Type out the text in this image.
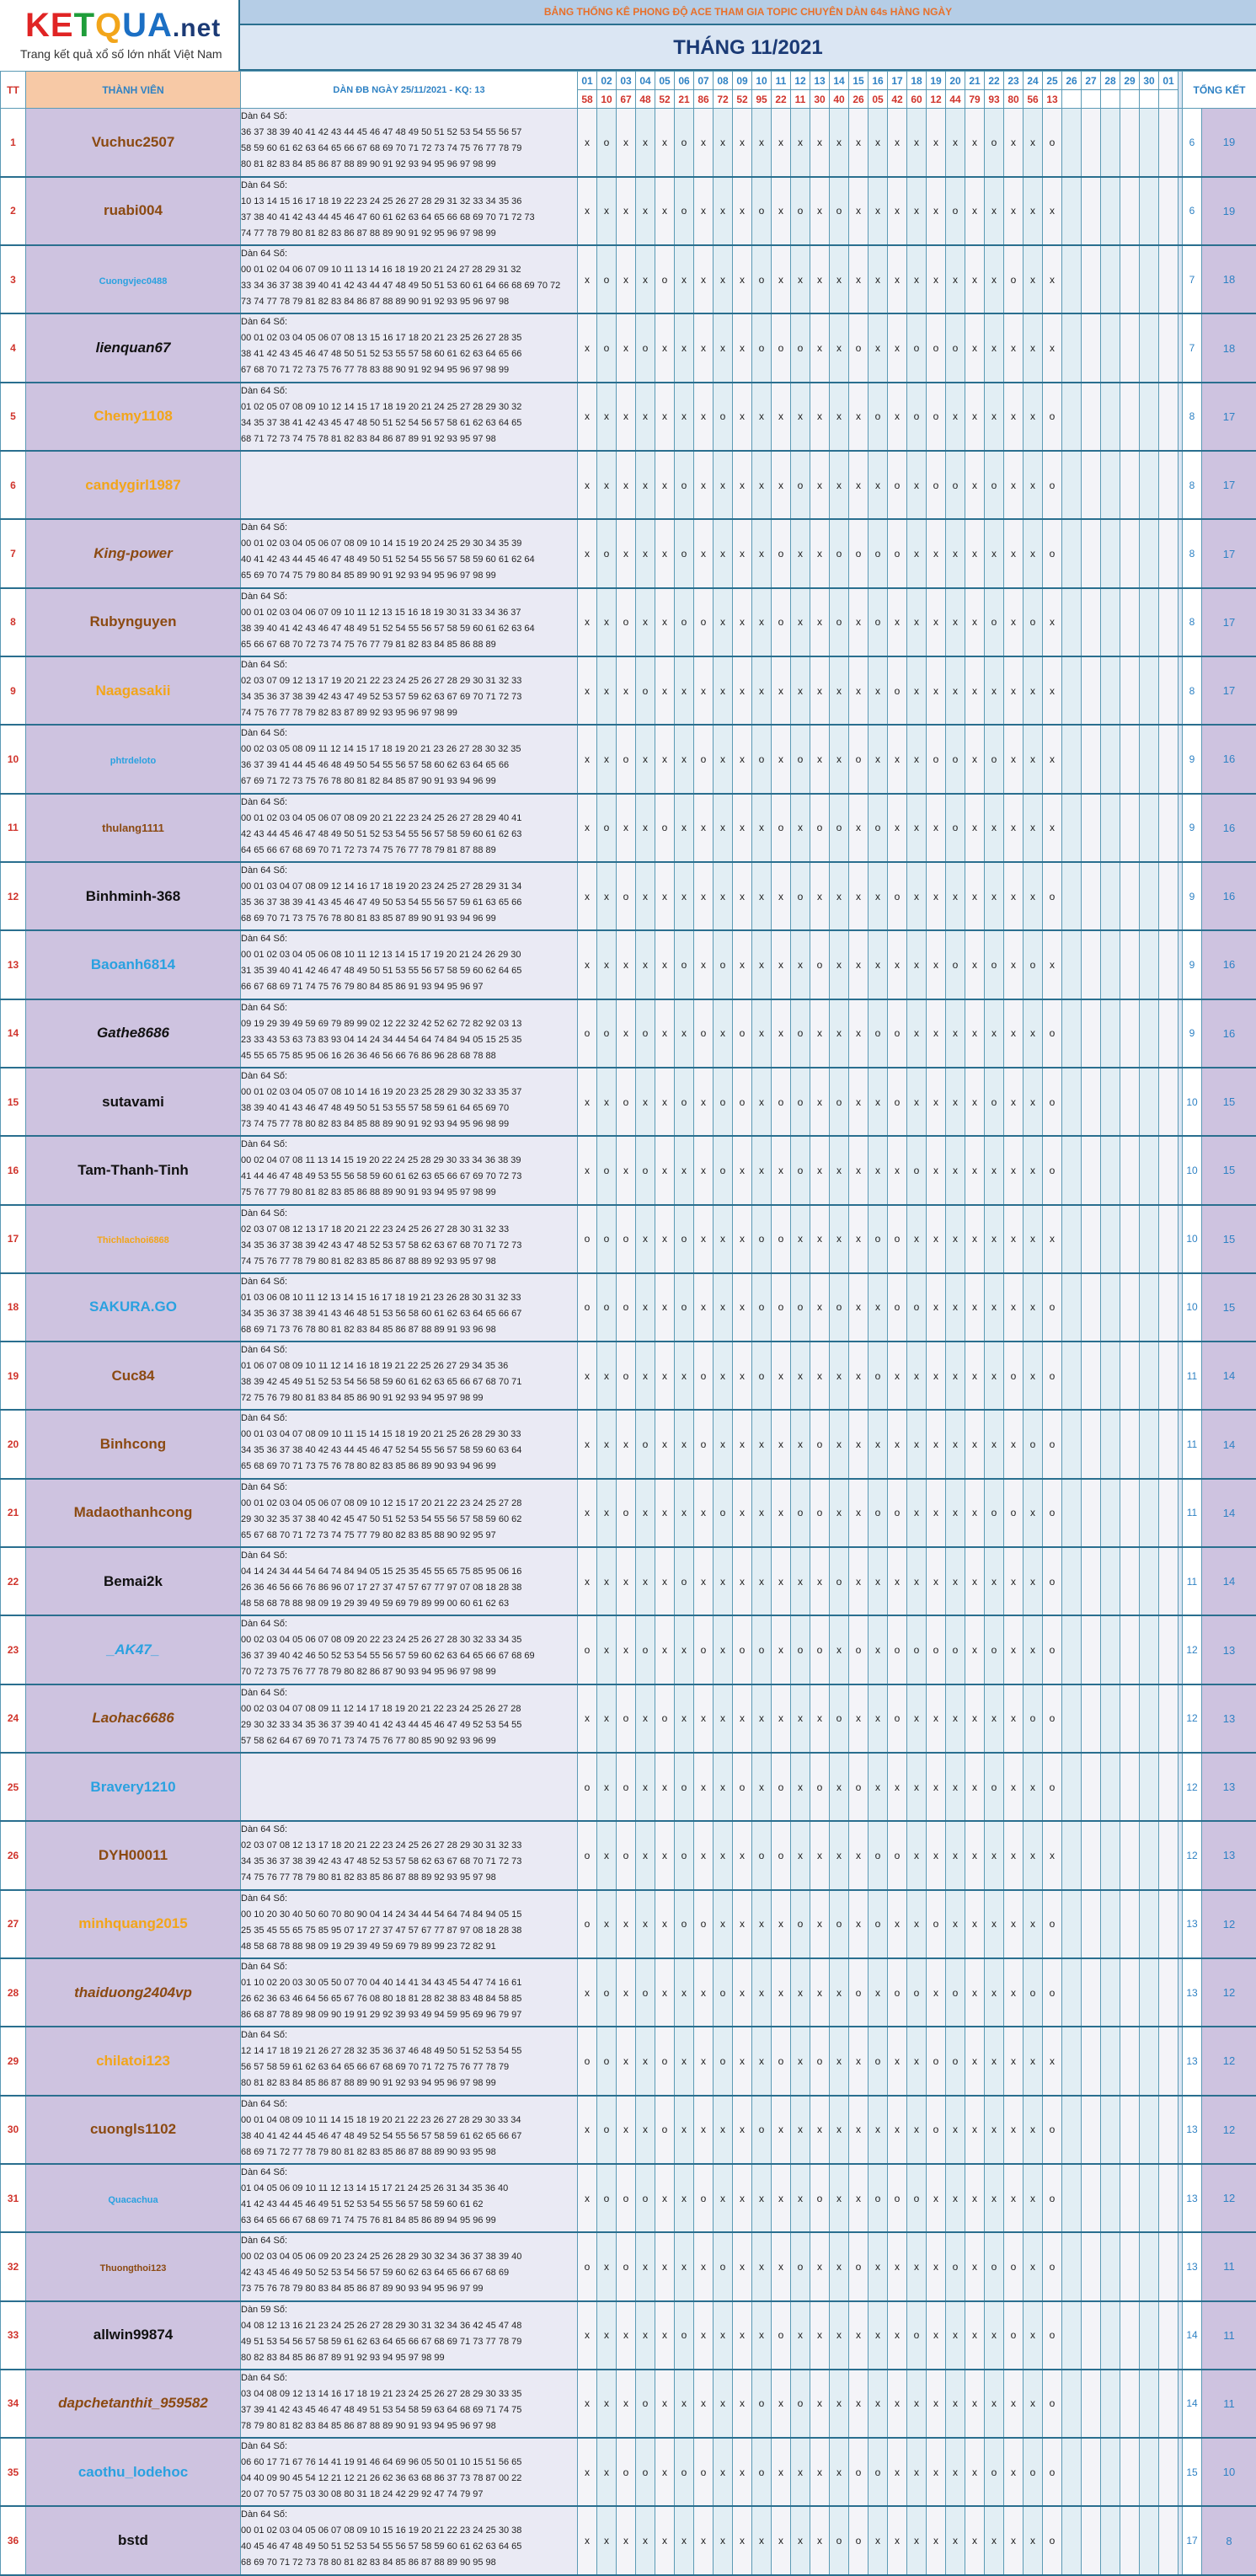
KETQUA.net
Trang kết quả xổ số lớn nhất Việt Nam
BẢNG THỐNG KÊ PHONG ĐỘ ACE THAM GIA TOPIC CHUYÊN DÀN 64s HÀNG NGÀY
THÁNG 11/2021
TT	THÀNH VIÊN	DÀN ĐB NGÀY 25/11/2021 - KQ: 13	01	02	03	04	05	06	07	08	09	10	11	12	13	14	15	16	17	18	19	20	21	22	23	24	25	26	27	28	29	30	01		TỔNG KẾT	
			58	10	67	48	52	21	86	72	52	95	22	11	30	40	26	05	42	60	12	44	79	93	80	56	13									
1	Vuchuc2507	Dàn 64 Số:
36 37 38 39 40 41 42 43 44 45 46 47 48 49 50 51 52 53 54 55 56 57
58 59 60 61 62 63 64 65 66 67 68 69 70 71 72 73 74 75 76 77 78 79
80 81 82 83 84 85 86 87 88 89 90 91 92 93 94 95 96 97 98 99	x	o	x	x	x	o	x	x	x	x	x	x	x	x	x	x	x	x	x	x	x	o	x	x	o								6	19
2	ruabi004	Dàn 64 Số:
10 13 14 15 16 17 18 19 22 23 24 25 26 27 28 29 31 32 33 34 35 36
37 38 40 41 42 43 44 45 46 47 60 61 62 63 64 65 66 68 69 70 71 72 73
74 77 78 79 80 81 82 83 86 87 88 89 90 91 92 95 96 97 98 99	x	x	x	x	x	o	x	x	x	o	x	o	x	o	x	x	x	x	x	o	x	x	x	x	x								6	19
3	Cuongvjec0488	Dàn 64 Số:
00 01 02 04 06 07 09 10 11 13 14 16 18 19 20 21 24 27 28 29 31 32
33 34 36 37 38 39 40 41 42 43 44 47 48 49 50 51 53 60 61 64 66 68 69 70 72
73 74 77 78 79 81 82 83 84 86 87 88 89 90 91 92 93 95 96 97 98	x	o	x	x	o	x	x	x	x	o	x	x	x	x	x	x	x	x	x	x	x	x	o	x	x								7	18
4	lienquan67	Dàn 64 Số:
00 01 02 03 04 05 06 07 08 13 15 16 17 18 20 21 23 25 26 27 28 35
38 41 42 43 45 46 47 48 50 51 52 53 55 57 58 60 61 62 63 64 65 66
67 68 70 71 72 73 75 76 77 78 83 88 90 91 92 94 95 96 97 98 99	x	o	x	o	x	x	x	x	x	o	o	o	x	x	o	x	x	o	o	o	x	x	x	x	x								7	18
5	Chemy1108	Dàn 64 Số:
01 02 05 07 08 09 10 12 14 15 17 18 19 20 21 24 25 27 28 29 30 32
34 35 37 38 41 42 43 45 47 48 50 51 52 54 56 57 58 61 62 63 64 65
68 71 72 73 74 75 78 81 82 83 84 86 87 89 91 92 93 95 97 98	x	x	x	x	x	x	x	o	x	x	x	x	x	x	x	o	x	o	o	x	x	x	x	x	o								8	17
6	candygirl1987		x	x	x	x	x	o	x	x	x	x	x	o	x	x	x	x	o	x	o	o	x	o	x	x	o								8	17
7	King-power	Dàn 64 Số:
00 01 02 03 04 05 06 07 08 09 10 14 15 19 20 24 25 29 30 34 35 39
40 41 42 43 44 45 46 47 48 49 50 51 52 54 55 56 57 58 59 60 61 62 64
65 69 70 74 75 79 80 84 85 89 90 91 92 93 94 95 96 97 98 99	x	o	x	x	x	o	x	x	x	x	o	x	x	o	o	o	o	x	x	x	x	x	x	x	o								8	17
8	Rubynguyen	Dàn 64 Số:
00 01 02 03 04 06 07 09 10 11 12 13 15 16 18 19 30 31 33 34 36 37
38 39 40 41 42 43 46 47 48 49 51 52 54 55 56 57 58 59 60 61 62 63 64
65 66 67 68 70 72 73 74 75 76 77 79 81 82 83 84 85 86 88 89	x	x	o	x	x	o	o	x	x	x	o	x	x	o	x	o	x	x	x	x	x	o	x	o	x								8	17
9	Naagasakii	Dàn 64 Số:
02 03 07 09 12 13 17 19 20 21 22 23 24 25 26 27 28 29 30 31 32 33
34 35 36 37 38 39 42 43 47 49 52 53 57 59 62 63 67 69 70 71 72 73
74 75 76 77 78 79 82 83 87 89 92 93 95 96 97 98 99	x	x	x	o	x	x	x	x	x	x	x	x	x	x	x	x	o	x	x	x	x	x	x	x	x								8	17
10	phtrdeloto	Dàn 64 Số:
00 02 03 05 08 09 11 12 14 15 17 18 19 20 21 23 26 27 28 30 32 35
36 37 39 41 44 45 46 48 49 50 54 55 56 57 58 60 62 63 64 65 66
67 69 71 72 73 75 76 78 80 81 82 84 85 87 90 91 93 94 96 99	x	x	o	x	x	x	o	x	x	o	x	o	x	x	o	x	x	x	o	o	x	o	x	x	x								9	16
11	thulang1111	Dàn 64 Số:
00 01 02 03 04 05 06 07 08 09 20 21 22 23 24 25 26 27 28 29 40 41
42 43 44 45 46 47 48 49 50 51 52 53 54 55 56 57 58 59 60 61 62 63
64 65 66 67 68 69 70 71 72 73 74 75 76 77 78 79 81 87 88 89	x	o	x	x	o	x	x	x	x	x	o	x	o	o	x	o	x	x	x	o	x	x	x	x	x								9	16
12	Binhminh-368	Dàn 64 Số:
00 01 03 04 07 08 09 12 14 16 17 18 19 20 23 24 25 27 28 29 31 34
35 36 37 38 39 41 43 45 46 47 49 50 53 54 55 56 57 59 61 63 65 66
68 69 70 71 73 75 76 78 80 81 83 85 87 89 90 91 93 94 96 99	x	x	o	x	x	x	x	x	x	x	x	o	x	x	x	x	o	x	x	x	x	x	x	x	o								9	16
13	Baoanh6814	Dàn 64 Số:
00 01 02 03 04 05 06 08 10 11 12 13 14 15 17 19 20 21 24 26 29 30
31 35 39 40 41 42 46 47 48 49 50 51 53 55 56 57 58 59 60 62 64 65
66 67 68 69 71 74 75 76 79 80 84 85 86 91 93 94 95 96 97	x	x	x	x	x	o	x	o	x	x	x	x	o	x	x	x	x	x	x	o	x	o	x	o	x								9	16
14	Gathe8686	Dàn 64 Số:
09 19 29 39 49 59 69 79 89 99 02 12 22 32 42 52 62 72 82 92 03 13
23 33 43 53 63 73 83 93 04 14 24 34 44 54 64 74 84 94 05 15 25 35
45 55 65 75 85 95 06 16 26 36 46 56 66 76 86 96 28 68 78 88	o	o	x	o	x	x	o	x	o	x	x	o	x	x	x	o	o	x	x	x	x	x	x	x	o								9	16
15	sutavami	Dàn 64 Số:
00 01 02 03 04 05 07 08 10 14 16 19 20 23 25 28 29 30 32 33 35 37
38 39 40 41 43 46 47 48 49 50 51 53 55 57 58 59 61 64 65 69 70
73 74 75 77 78 80 82 83 84 85 88 89 90 91 92 93 94 95 96 98 99	x	x	o	x	x	o	x	o	o	x	o	o	x	o	x	x	o	x	x	x	x	o	x	x	o								10	15
16	Tam-Thanh-Tinh	Dàn 64 Số:
00 02 04 07 08 11 13 14 15 19 20 22 24 25 28 29 30 33 34 36 38 39
41 44 46 47 48 49 53 55 56 58 59 60 61 62 63 65 66 67 69 70 72 73
75 76 77 79 80 81 82 83 85 86 88 89 90 91 93 94 95 97 98 99	x	o	x	o	x	x	x	o	x	x	x	o	x	x	x	x	x	o	x	x	x	x	x	x	o								10	15
17	Thichlachoi6868	Dàn 64 Số:
02 03 07 08 12 13 17 18 20 21 22 23 24 25 26 27 28 30 31 32 33
34 35 36 37 38 39 42 43 47 48 52 53 57 58 62 63 67 68 70 71 72 73
74 75 76 77 78 79 80 81 82 83 85 86 87 88 89 92 93 95 97 98	o	o	o	x	x	o	x	x	x	o	o	x	x	x	x	o	o	x	x	x	x	x	x	x	x								10	15
18	SAKURA.GO	Dàn 64 Số:
01 03 06 08 10 11 12 13 14 15 16 17 18 19 21 23 26 28 30 31 32 33
34 35 36 37 38 39 41 43 46 48 51 53 56 58 60 61 62 63 64 65 66 67
68 69 71 73 76 78 80 81 82 83 84 85 86 87 88 89 91 93 96 98	o	o	o	x	x	o	x	x	x	o	o	o	x	o	x	x	o	o	x	x	x	x	x	x	o								10	15
19	Cuc84	Dàn 64 Số:
01 06 07 08 09 10 11 12 14 16 18 19 21 22 25 26 27 29 34 35 36
38 39 42 45 49 51 52 53 54 56 58 59 60 61 62 63 65 66 67 68 70 71
72 75 76 79 80 81 83 84 85 86 90 91 92 93 94 95 97 98 99	x	x	o	x	x	x	o	x	x	o	x	x	x	x	x	o	x	x	x	x	x	x	o	x	o								11	14
20	Binhcong	Dàn 64 Số:
00 01 03 04 07 08 09 10 11 15 14 15 18 19 20 21 25 26 28 29 30 33
34 35 36 37 38 40 42 43 44 45 46 47 52 54 55 56 57 58 59 60 63 64
65 68 69 70 71 73 75 76 78 80 82 83 85 86 89 90 93 94 96 99	x	x	x	o	x	x	o	x	x	x	x	x	o	x	x	x	x	x	x	x	x	x	x	o	o								11	14
21	Madaothanhcong	Dàn 64 Số:
00 01 02 03 04 05 06 07 08 09 10 12 15 17 20 21 22 23 24 25 27 28
29 30 32 35 37 38 40 42 45 47 50 51 52 53 54 55 56 57 58 59 60 62
65 67 68 70 71 72 73 74 75 77 79 80 82 83 85 88 90 92 95 97	x	x	o	x	x	x	x	o	x	x	x	o	o	x	x	o	o	x	x	x	x	o	o	x	o								11	14
22	Bemai2k	Dàn 64 Số:
04 14 24 34 44 54 64 74 84 94 05 15 25 35 45 55 65 75 85 95 06 16
26 36 46 56 66 76 86 96 07 17 27 37 47 57 67 77 97 07 08 18 28 38
48 58 68 78 88 98 09 19 29 39 49 59 69 79 89 99 00 60 61 62 63	x	x	x	x	x	o	x	x	x	x	x	x	x	o	x	x	x	x	x	x	x	x	x	x	o								11	14
23	_AK47_	Dàn 64 Số:
00 02 03 04 05 06 07 08 09 20 22 23 24 25 26 27 28 30 32 33 34 35
36 37 39 40 42 46 50 52 53 54 55 56 57 59 60 62 63 64 65 66 67 68 69
70 72 73 75 76 77 78 79 80 82 86 87 90 93 94 95 96 97 98 99	o	x	x	o	x	x	o	x	o	o	x	o	o	x	o	x	o	o	o	o	x	o	x	x	o								12	13
24	Laohac6686	Dàn 64 Số:
00 02 03 04 07 08 09 11 12 14 17 18 19 20 21 22 23 24 25 26 27 28
29 30 32 33 34 35 36 37 39 40 41 42 43 44 45 46 47 49 52 53 54 55
57 58 62 64 67 69 70 71 73 74 75 76 77 80 85 90 92 93 96 99	x	x	o	x	o	x	x	x	x	x	x	x	x	o	x	x	o	x	x	x	x	x	x	o	o								12	13
25	Bravery1210		o	x	o	x	x	o	x	x	o	x	o	x	o	x	o	x	x	x	x	x	x	o	x	x	o								12	13
26	DYH00011	Dàn 64 Số:
02 03 07 08 12 13 17 18 20 21 22 23 24 25 26 27 28 29 30 31 32 33
34 35 36 37 38 39 42 43 47 48 52 53 57 58 62 63 67 68 70 71 72 73
74 75 76 77 78 79 80 81 82 83 85 86 87 88 89 92 93 95 97 98	o	x	o	x	x	o	x	x	x	o	o	x	x	x	x	o	o	x	x	x	x	x	x	x	x								12	13
27	minhquang2015	Dàn 64 Số:
00 10 20 30 40 50 60 70 80 90 04 14 24 34 44 54 64 74 84 94 05 15
25 35 45 55 65 75 85 95 07 17 27 37 47 57 67 77 87 97 08 18 28 38
48 58 68 78 88 98 09 19 29 39 49 59 69 79 89 99 23 72 82 91	o	x	x	x	x	o	o	x	x	x	x	o	x	o	x	o	x	x	o	x	x	x	x	x	o								13	12
28	thaiduong2404vp	Dàn 64 Số:
01 10 02 20 03 30 05 50 07 70 04 40 14 41 34 43 45 54 47 74 16 61
26 62 36 63 46 64 56 65 67 76 08 80 18 81 28 82 38 83 48 84 58 85
86 68 87 78 89 98 09 90 19 91 29 92 39 93 49 94 59 95 69 96 79 97	x	o	x	o	x	x	x	o	x	x	x	x	x	x	o	x	o	o	x	o	x	x	x	o	o								13	12
29	chilatoi123	Dàn 64 Số:
12 14 17 18 19 21 26 27 28 32 35 36 37 46 48 49 50 51 52 53 54 55
56 57 58 59 61 62 63 64 65 66 67 68 69 70 71 72 75 76 77 78 79
80 81 82 83 84 85 86 87 88 89 90 91 92 93 94 95 96 97 98 99	o	o	x	x	o	x	x	o	x	x	o	x	o	x	x	o	x	x	o	o	x	x	x	x	x								13	12
30	cuongls1102	Dàn 64 Số:
00 01 04 08 09 10 11 14 15 18 19 20 21 22 23 26 27 28 29 30 33 34
38 40 41 42 44 45 46 47 48 49 52 54 55 56 57 58 59 61 62 65 66 67
68 69 71 72 77 78 79 80 81 82 83 85 86 87 88 89 90 93 95 98	x	o	x	x	o	x	x	x	x	o	x	x	x	x	x	x	x	x	o	x	x	x	x	x	o								13	12
31	Quacachua	Dàn 64 Số:
01 04 05 06 09 10 11 12 13 14 15 17 21 24 25 26 31 34 35 36 40
41 42 43 44 45 46 49 51 52 53 54 55 56 57 58 59 60 61 62
63 64 65 66 67 68 69 71 74 75 76 81 84 85 86 89 94 95 96 99	x	o	o	o	x	x	o	x	x	x	x	x	o	x	x	o	o	o	x	x	x	x	x	x	o								13	12
32	Thuongthoi123	Dàn 64 Số:
00 02 03 04 05 06 09 20 23 24 25 26 28 29 30 32 34 36 37 38 39 40
42 43 45 46 49 50 52 53 54 56 57 59 60 62 63 64 65 66 67 68 69
73 75 76 78 79 80 83 84 85 86 87 89 90 93 94 95 96 97 99	o	x	o	x	x	x	x	o	x	x	x	o	x	x	o	x	x	x	x	o	x	o	o	x	o								13	11
33	allwin99874	Dàn 59 Số:
04 08 12 13 16 21 23 24 25 26 27 28 29 30 31 32 34 36 42 45 47 48
49 51 53 54 56 57 58 59 61 62 63 64 65 66 67 68 69 71 73 77 78 79
80 82 83 84 85 86 87 89 91 92 93 94 95 97 98 99	x	x	x	x	x	o	x	x	x	x	o	x	x	x	x	x	x	o	x	x	x	x	o	x	o								14	11
34	dapchetanthit_959582	Dàn 64 Số:
03 04 08 09 12 13 14 16 17 18 19 21 23 24 25 26 27 28 29 30 33 35
37 39 41 42 43 45 46 47 48 49 51 53 54 58 59 63 64 68 69 71 74 75
78 79 80 81 82 83 84 85 86 87 88 89 90 91 93 94 95 96 97 98	x	x	x	o	x	x	x	x	x	o	x	o	x	x	x	x	x	x	x	x	x	x	x	x	o								14	11
35	caothu_lodehoc	Dàn 64 Số:
06 60 17 71 67 76 14 41 19 91 46 64 69 96 05 50 01 10 15 51 56 65
04 40 09 90 45 54 12 21 12 21 26 62 36 63 68 86 37 73 78 87 00 22
20 07 70 57 75 03 30 08 80 31 18 24 42 29 92 47 74 79 97	x	x	o	o	x	o	o	x	x	o	x	x	x	x	o	o	x	x	x	x	x	o	x	o	o								15	10
36	bstd	Dàn 64 Số:
00 01 02 03 04 05 06 07 08 09 10 15 16 19 20 21 22 23 24 25 30 38
40 45 46 47 48 49 50 51 52 53 54 55 56 57 58 59 60 61 62 63 64 65
68 69 70 71 72 73 78 80 81 82 83 84 85 86 87 88 89 90 95 98	x	x	x	x	x	x	x	x	x	x	x	x	x	o	o	x	x	x	x	x	x	x	x	x	o								17	8
